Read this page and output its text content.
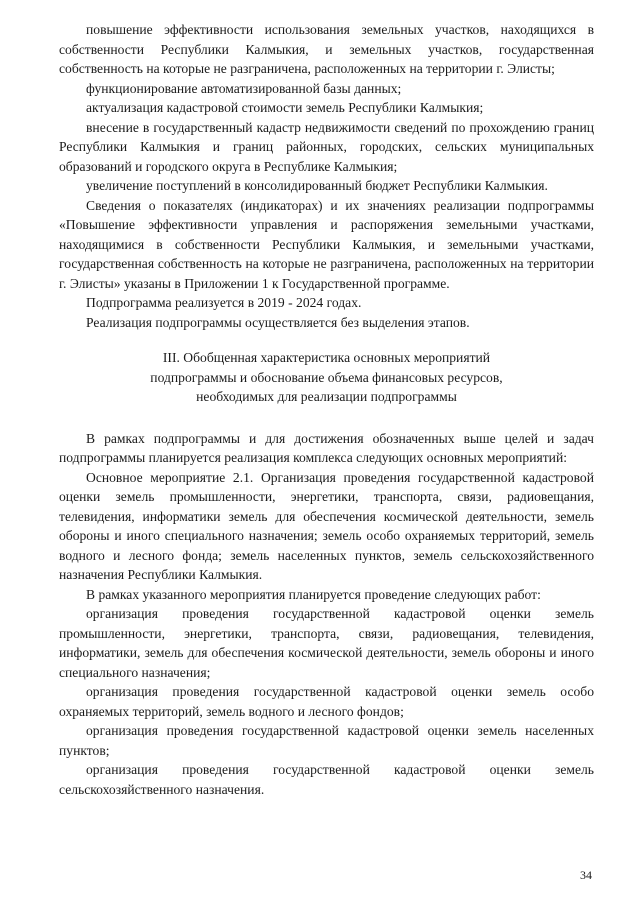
повышение эффективности использования земельных участков, находящихся в собственности Республики Калмыкия, и земельных участков, государственная собственность на которые не разграничена, расположенных на территории г. Элисты;

функционирование автоматизированной базы данных;

актуализация кадастровой стоимости земель Республики Калмыкия;

внесение в государственный кадастр недвижимости сведений по прохождению границ Республики Калмыкия и границ районных, городских, сельских муниципальных образований и городского округа в Республике Калмыкия;

увеличение поступлений в консолидированный бюджет Республики Калмыкия.

Сведения о показателях (индикаторах) и их значениях реализации подпрограммы «Повышение эффективности управления и распоряжения земельными участками, находящимися в собственности Республики Калмыкия, и земельными участками, государственная собственность на которые не разграничена, расположенных на территории г. Элисты» указаны в Приложении 1 к Государственной программе.

Подпрограмма реализуется в 2019 - 2024 годах.

Реализация подпрограммы осуществляется без выделения этапов.

III. Обобщенная характеристика основных мероприятий
подпрограммы и обоснование объема финансовых ресурсов,
необходимых для реализации подпрограммы

В рамках подпрограммы и для достижения обозначенных выше целей и задач подпрограммы планируется реализация комплекса следующих основных мероприятий:

Основное мероприятие 2.1. Организация проведения государственной кадастровой оценки земель промышленности, энергетики, транспорта, связи, радиовещания, телевидения, информатики земель для обеспечения космической деятельности, земель обороны и иного специального назначения; земель особо охраняемых территорий, земель водного и лесного фонда; земель населенных пунктов, земель сельскохозяйственного назначения Республики Калмыкия.

В рамках указанного мероприятия планируется проведение следующих работ:

организация проведения государственной кадастровой оценки земель промышленности, энергетики, транспорта, связи, радиовещания, телевидения, информатики, земель для обеспечения космической деятельности, земель обороны и иного специального назначения;

организация проведения государственной кадастровой оценки земель особо охраняемых территорий, земель водного и лесного фондов;

организация проведения государственной кадастровой оценки земель населенных пунктов;

организация проведения государственной кадастровой оценки земель сельскохозяйственного назначения.

34
